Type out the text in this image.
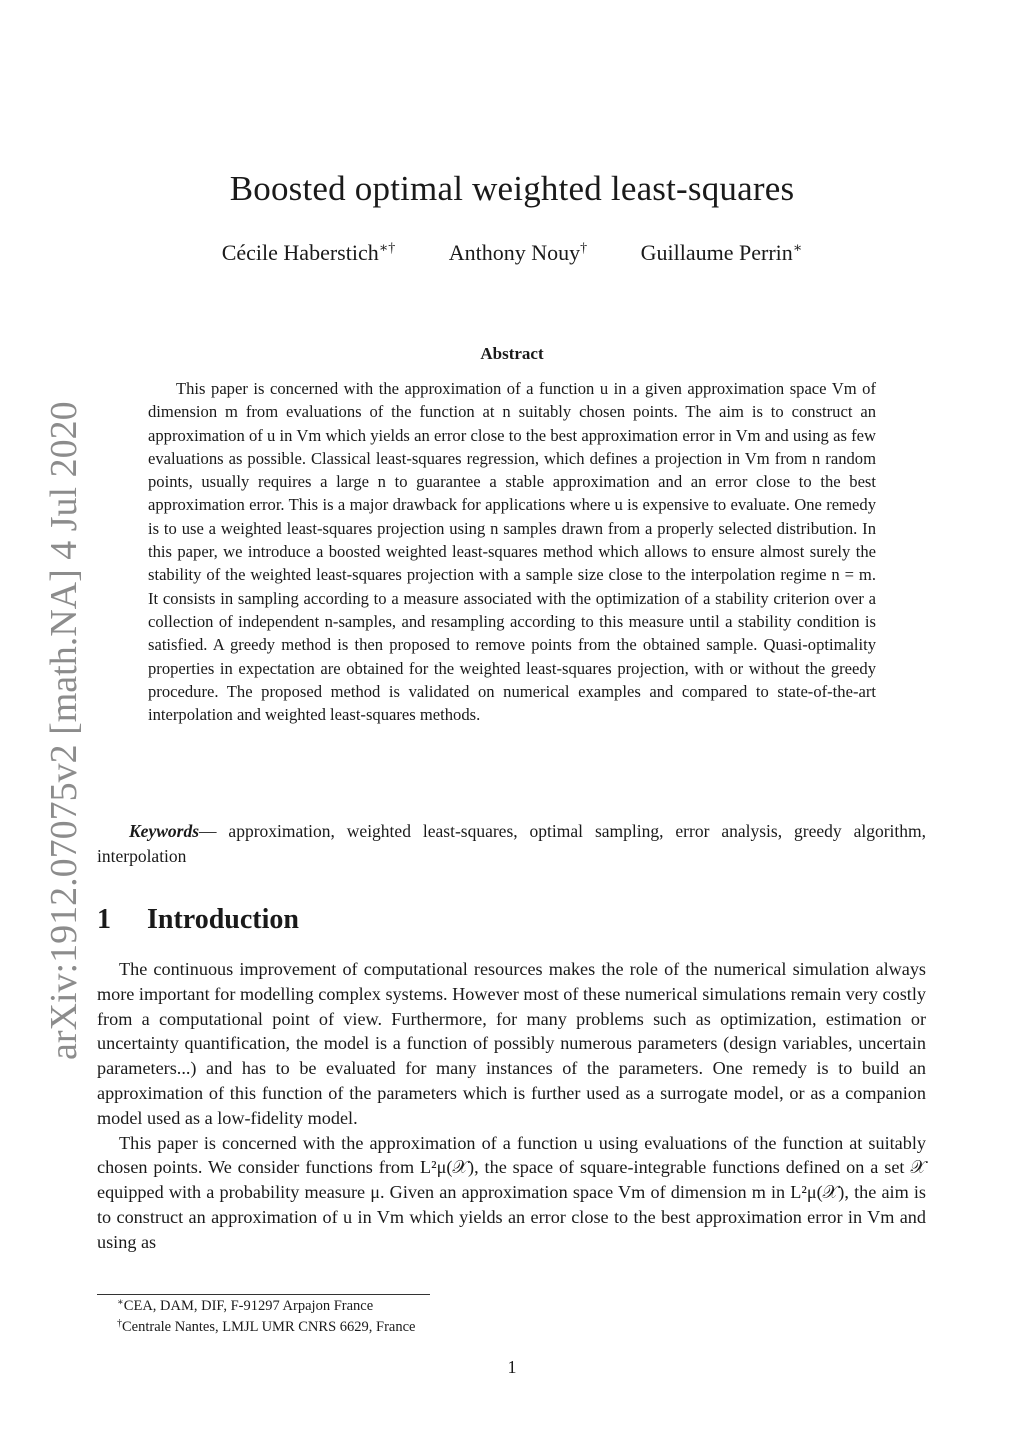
arXiv:1912.07075v2 [math.NA] 4 Jul 2020
Boosted optimal weighted least-squares
Cécile Haberstich∗† Anthony Nouy† Guillaume Perrin∗
Abstract
This paper is concerned with the approximation of a function u in a given approximation space Vm of dimension m from evaluations of the function at n suitably chosen points. The aim is to construct an approximation of u in Vm which yields an error close to the best approximation error in Vm and using as few evaluations as possible. Classical least-squares regression, which defines a projection in Vm from n random points, usually requires a large n to guarantee a stable approximation and an error close to the best approximation error. This is a major drawback for applications where u is expensive to evaluate. One remedy is to use a weighted least-squares projection using n samples drawn from a properly selected distribution. In this paper, we introduce a boosted weighted least-squares method which allows to ensure almost surely the stability of the weighted least-squares projection with a sample size close to the interpolation regime n = m. It consists in sampling according to a measure associated with the optimization of a stability criterion over a collection of independent n-samples, and resampling according to this measure until a stability condition is satisfied. A greedy method is then proposed to remove points from the obtained sample. Quasi-optimality properties in expectation are obtained for the weighted least-squares projection, with or without the greedy procedure. The proposed method is validated on numerical examples and compared to state-of-the-art interpolation and weighted least-squares methods.
Keywords— approximation, weighted least-squares, optimal sampling, error analysis, greedy algorithm, interpolation
1 Introduction

The continuous improvement of computational resources makes the role of the numerical simulation always more important for modelling complex systems. However most of these numerical simulations remain very costly from a computational point of view. Furthermore, for many problems such as optimization, estimation or uncertainty quantification, the model is a function of possibly numerous parameters (design variables, uncertain parameters...) and has to be evaluated for many instances of the parameters. One remedy is to build an approximation of this function of the parameters which is further used as a surrogate model, or as a companion model used as a low-fidelity model.

This paper is concerned with the approximation of a function u using evaluations of the function at suitably chosen points. We consider functions from L²μ(𝒳), the space of square-integrable functions defined on a set 𝒳 equipped with a probability measure μ. Given an approximation space Vm of dimension m in L²μ(𝒳), the aim is to construct an approximation of u in Vm which yields an error close to the best approximation error in Vm and using as

∗CEA, DAM, DIF, F-91297 Arpajon France
†Centrale Nantes, LMJL UMR CNRS 6629, France
1
